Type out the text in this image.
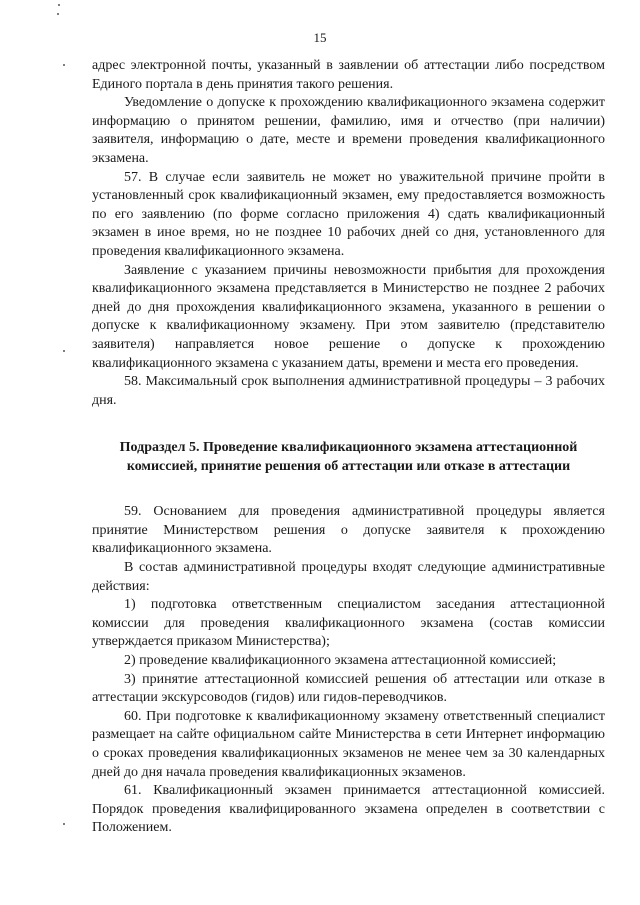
15

адрес электронной почты, указанный в заявлении об аттестации либо посредством Единого портала в день принятия такого решения.

Уведомление о допуске к прохождению квалификационного экзамена содержит информацию о принятом решении, фамилию, имя и отчество (при наличии) заявителя, информацию о дате, месте и времени проведения квалификационного экзамена.

57. В случае если заявитель не может но уважительной причине пройти в установленный срок квалификационный экзамен, ему предоставляется возможность по его заявлению (по форме согласно приложения 4) сдать квалификационный экзамен в иное время, но не позднее 10 рабочих дней со дня, установленного для проведения квалификационного экзамена.

Заявление с указанием причины невозможности прибытия для прохождения квалификационного экзамена представляется в Министерство не позднее 2 рабочих дней до дня прохождения квалификационного экзамена, указанного в решении о допуске к квалификационному экзамену. При этом заявителю (представителю заявителя) направляется новое решение о допуске к прохождению квалификационного экзамена с указанием даты, времени и места его проведения.

58. Максимальный срок выполнения административной процедуры – 3 рабочих дня.

Подраздел 5. Проведение квалификационного экзамена аттестационной комиссией, принятие решения об аттестации или отказе в аттестации

59. Основанием для проведения административной процедуры является принятие Министерством решения о допуске заявителя к прохождению квалификационного экзамена.

В состав административной процедуры входят следующие административные действия:

1) подготовка ответственным специалистом заседания аттестационной комиссии для проведения квалификационного экзамена (состав комиссии утверждается приказом Министерства);

2) проведение квалификационного экзамена аттестационной комиссией;

3) принятие аттестационной комиссией решения об аттестации или отказе в аттестации экскурсоводов (гидов) или гидов-переводчиков.

60. При подготовке к квалификационному экзамену ответственный специалист размещает на сайте официальном сайте Министерства в сети Интернет информацию о сроках проведения квалификационных экзаменов не менее чем за 30 календарных дней до дня начала проведения квалификационных экзаменов.

61. Квалификационный экзамен принимается аттестационной комиссией. Порядок проведения квалифицированного экзамена определен в соответствии с Положением.
